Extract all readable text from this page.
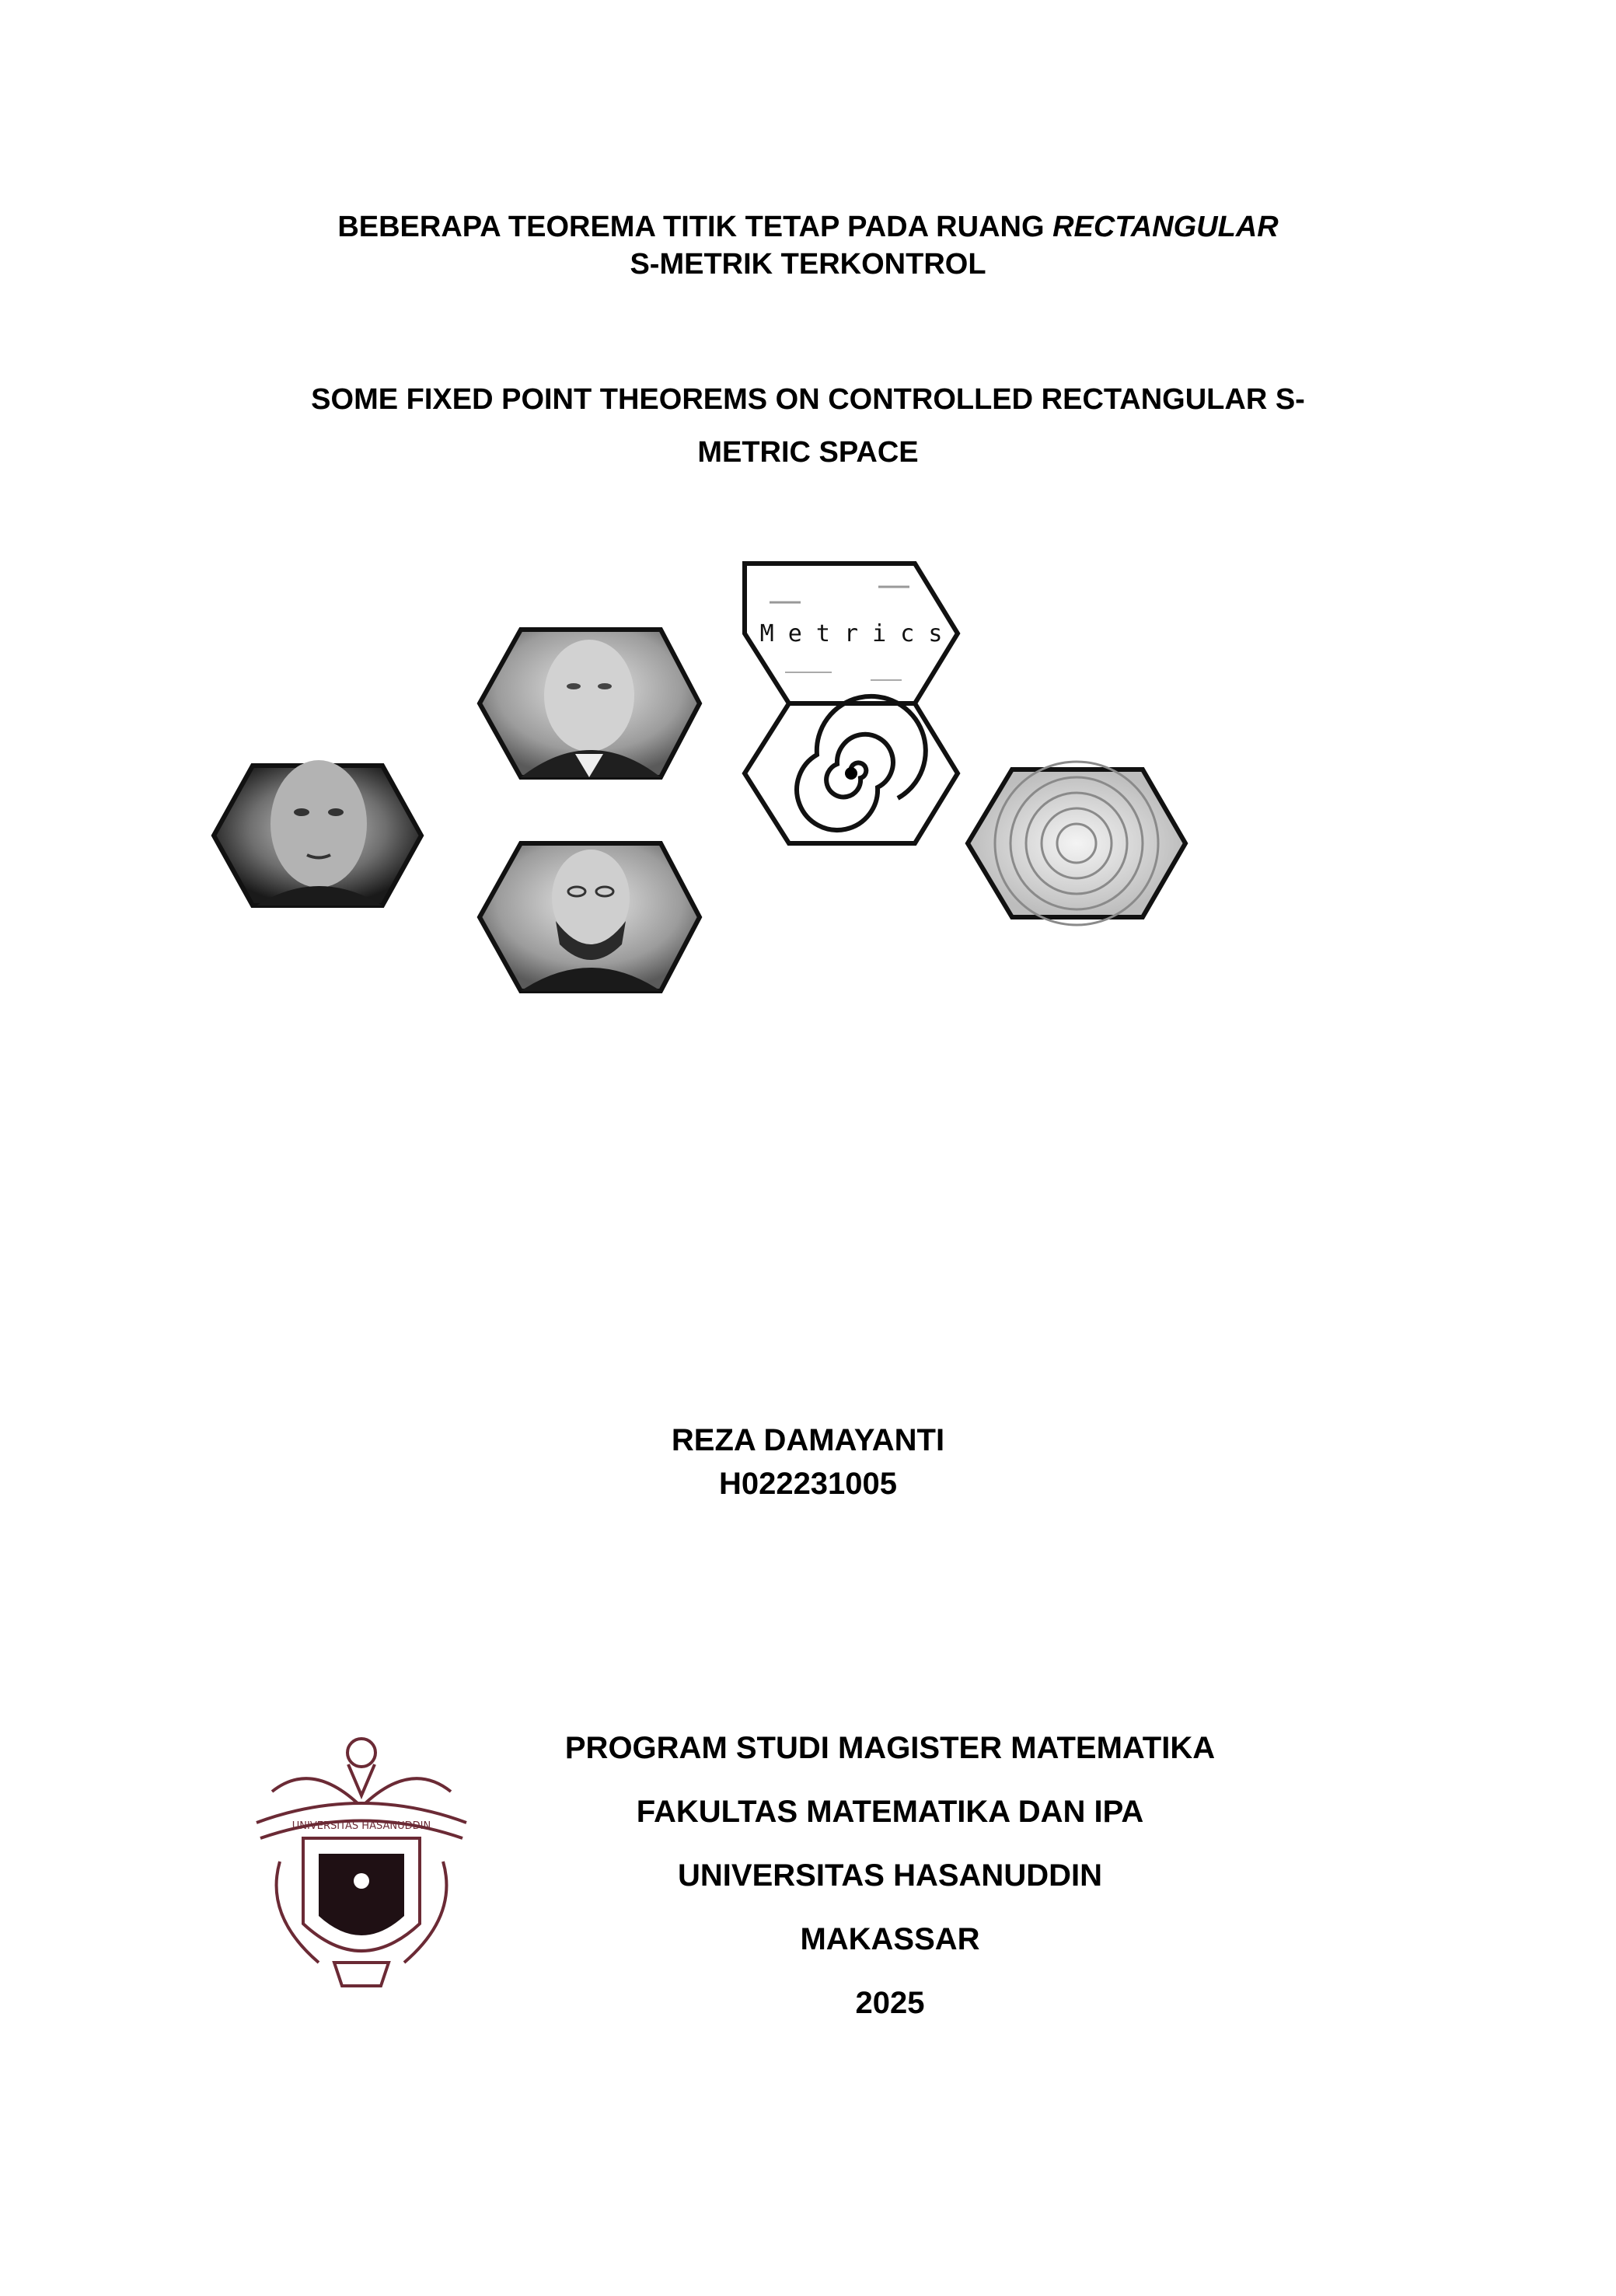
BEBERAPA TEOREMA TITIK TETAP PADA RUANG RECTANGULAR
S-METRIK TERKONTROL
SOME FIXED POINT THEOREMS ON CONTROLLED RECTANGULAR S-
METRIC SPACE
M e t r i c s
REZA DAMAYANTI
H022231005
UNIVERSITAS HASANUDDIN
PROGRAM STUDI MAGISTER MATEMATIKA
FAKULTAS MATEMATIKA DAN IPA
UNIVERSITAS HASANUDDIN
MAKASSAR
2025
